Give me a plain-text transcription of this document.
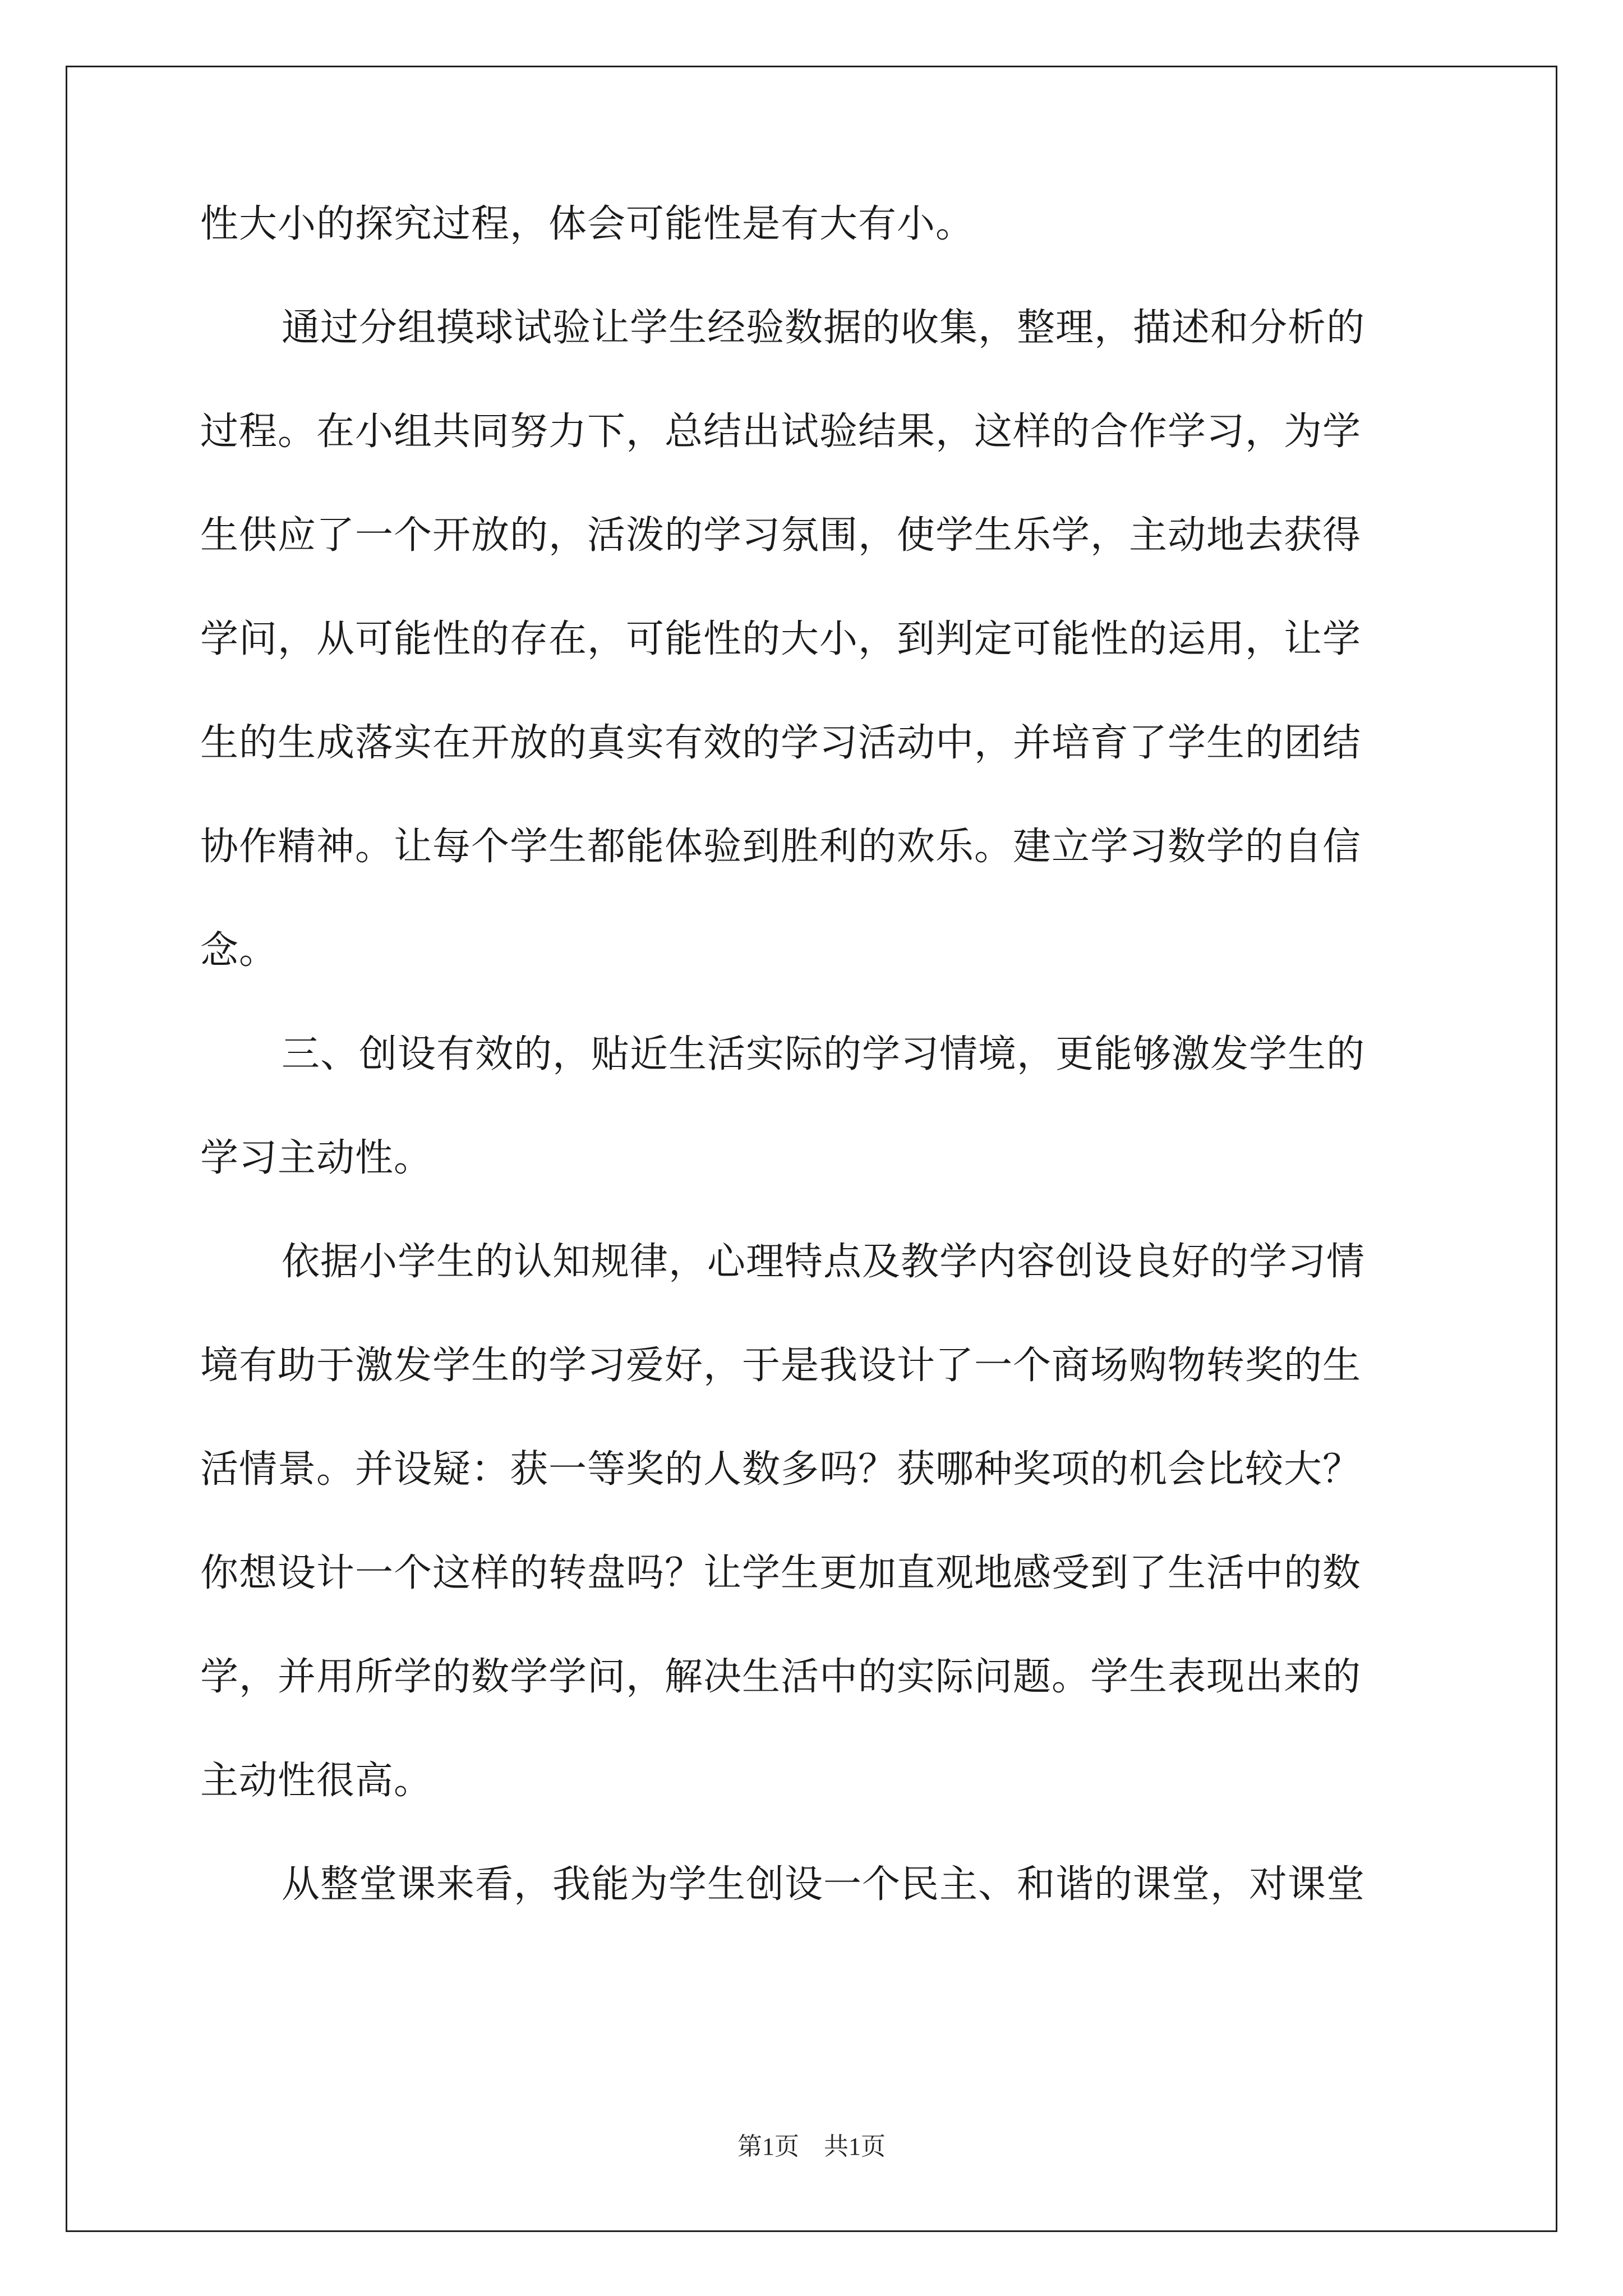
性大小的探究过程，体会可能性是有大有小。
通过分组摸球试验让学生经验数据的收集，整理，描述和分析的
过程。在小组共同努力下，总结出试验结果，这样的合作学习，为学
生供应了一个开放的，活泼的学习氛围，使学生乐学，主动地去获得
学问，从可能性的存在，可能性的大小，到判定可能性的运用，让学
生的生成落实在开放的真实有效的学习活动中，并培育了学生的团结
协作精神。让每个学生都能体验到胜利的欢乐。建立学习数学的自信
念。
三、创设有效的，贴近生活实际的学习情境，更能够激发学生的
学习主动性。
依据小学生的认知规律，心理特点及教学内容创设良好的学习情
境有助于激发学生的学习爱好，于是我设计了一个商场购物转奖的生
活情景。并设疑：获一等奖的人数多吗？获哪种奖项的机会比较大？
你想设计一个这样的转盘吗？让学生更加直观地感受到了生活中的数
学，并用所学的数学学问，解决生活中的实际问题。学生表现出来的
主动性很高。
从整堂课来看，我能为学生创设一个民主、和谐的课堂，对课堂
第1页　共1页
